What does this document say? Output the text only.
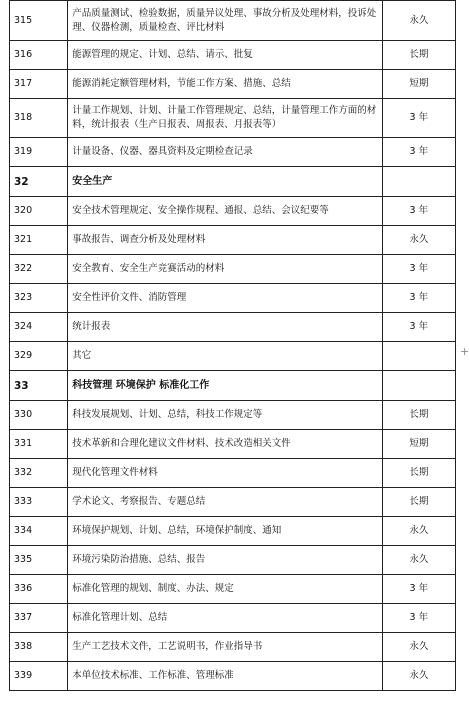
315	产品质量测试、检验数据，质量异议处理、事故分析及处理材料，投诉处理、仪器检测，质量检查、评比材料	永久
316	能源管理的规定、计划、总结、请示、批复	长期
317	能源消耗定额管理材料，节能工作方案、措施、总结	短期
318	计量工作规划、计划、计量工作管理规定、总结，计量管理工作方面的材料，统计报表（生产日报表、周报表、月报表等）	3 年
319	计量设备、仪器、器具资料及定期检查记录	3 年
32	安全生产	
320	安全技术管理规定、安全操作规程、通报、总结、会议纪要等	3 年
321	事故报告、调查分析及处理材料	永久
322	安全教育、安全生产竞赛活动的材料	3 年
323	安全性评价文件、消防管理	3 年
324	统计报表	3 年
329	其它	
33	科技管理 环境保护 标准化工作	
330	科技发展规划、计划、总结，科技工作规定等	长期
331	技术革新和合理化建议文件材料、技术改造相关文件	短期
332	现代化管理文件材料	长期
333	学术论文、考察报告、专题总结	长期
334	环境保护规划、计划、总结，环境保护制度、通知	永久
335	环境污染防治措施、总结、报告	永久
336	标准化管理的规划、制度、办法、规定	3 年
337	标准化管理计划、总结	3 年
338	生产工艺技术文件，工艺说明书，作业指导书	永久
339	本单位技术标准、工作标准、管理标准	永久
+
